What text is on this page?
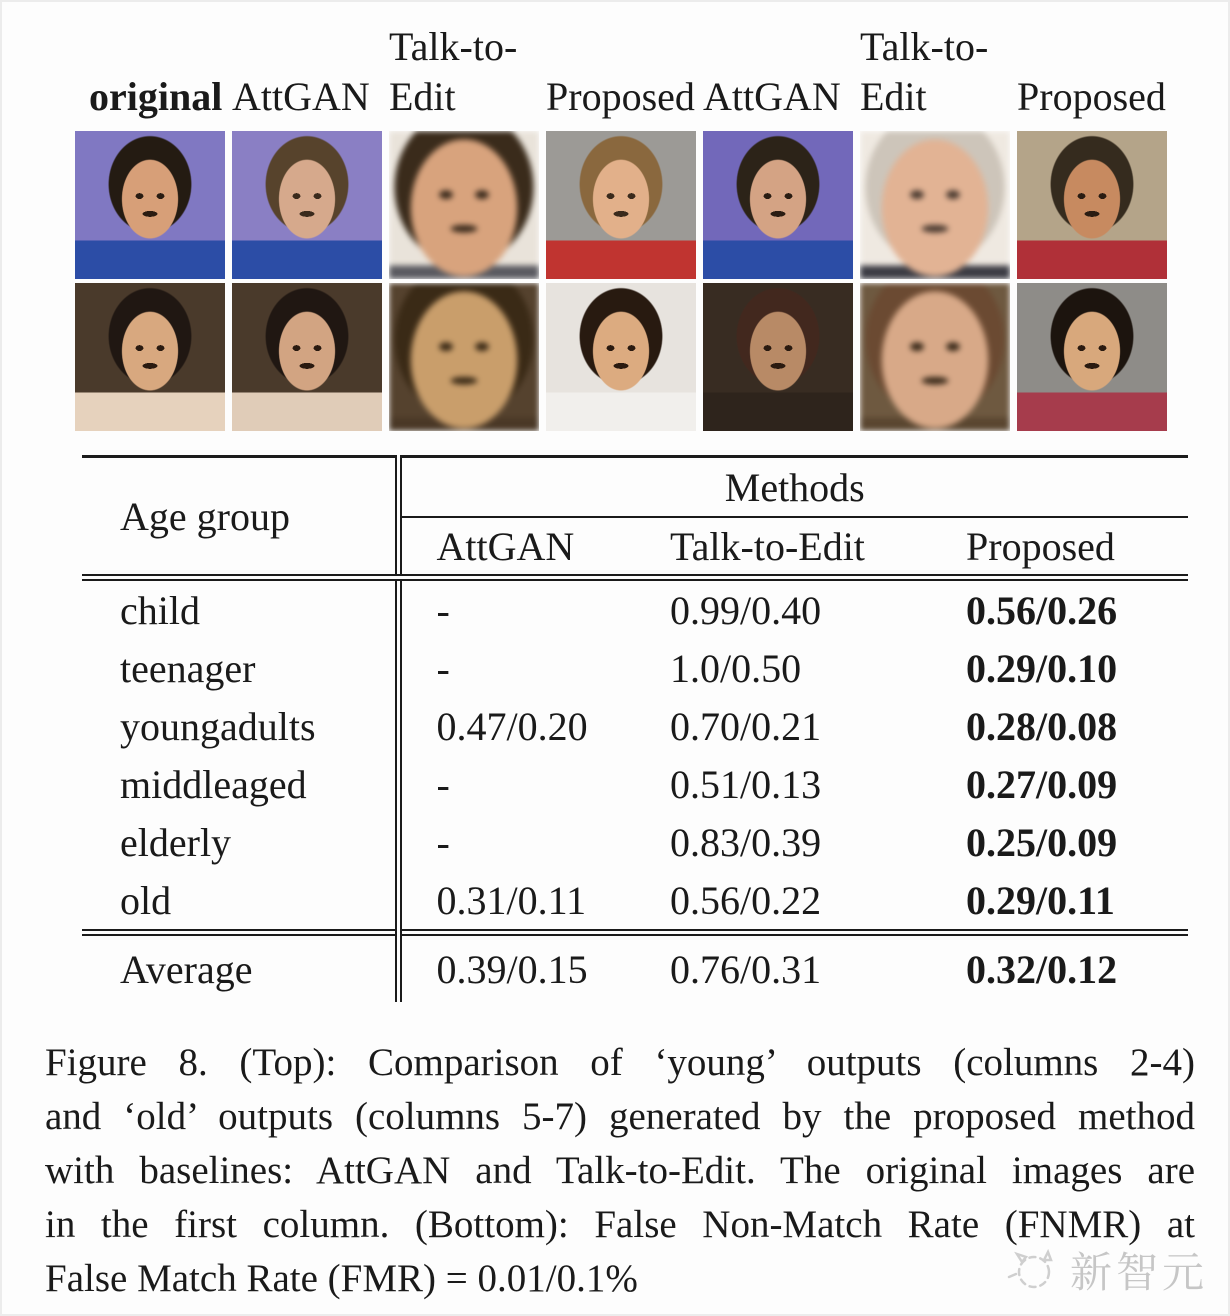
original AttGAN
Talk-to-
Edit	Proposed AttGAN
Talk-to-
Edit	Proposed
Age group	Methods		
	AttGAN	Talk-to-Edit	Proposed
child	-	0.99/0.40	0.56/0.26
teenager	-	1.0/0.50	0.29/0.10
youngadults	0.47/0.20	0.70/0.21	0.28/0.08
middleaged	-	0.51/0.13	0.27/0.09
elderly	-	0.83/0.39	0.25/0.09
old	0.31/0.11	0.56/0.22	0.29/0.11
Average	0.39/0.15	0.76/0.31	0.32/0.12
Figure 8. (Top): Comparison of ‘young’ outputs (columns 2-4)
and ‘old’ outputs (columns 5-7) generated by the proposed method
with baselines: AttGAN and Talk-to-Edit. The original images are
in the first column. (Bottom): False Non-Match Rate (FNMR) at
False Match Rate (FMR) = 0.01/0.1%	新智元
